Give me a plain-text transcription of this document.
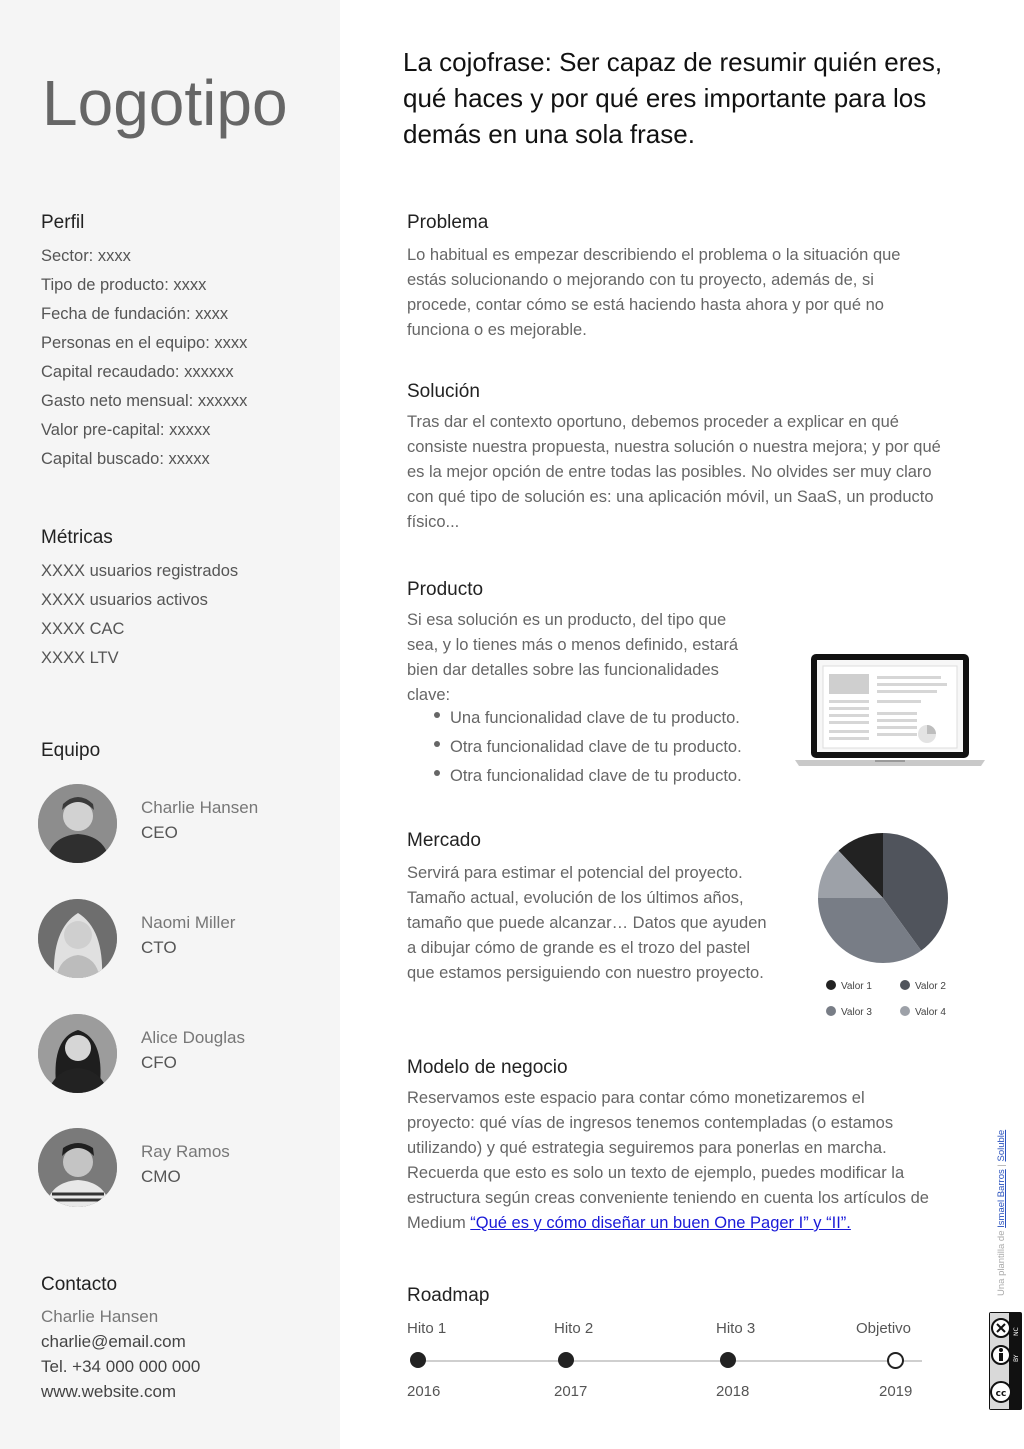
Logotipo
Perfil
Sector: xxxx
Tipo de producto: xxxx
Fecha de fundación: xxxx
Personas en el equipo: xxxx
Capital recaudado: xxxxxx
Gasto neto mensual: xxxxxx
Valor pre-capital: xxxxx
Capital buscado: xxxxx
Métricas
XXXX usuarios registrados
XXXX usuarios activos
XXXX CAC
XXXX LTV
Equipo
Charlie Hansen
CEO
Naomi Miller
CTO
Alice Douglas
CFO
Ray Ramos
CMO
Contacto
Charlie Hansen
charlie@email.com
Tel. +34 000 000 000
www.website.com
La cojofrase: Ser capaz de resumir quién eres, qué haces y por qué eres importante para los demás en una sola frase.
Problema

Lo habitual es empezar describiendo el problema o la situación que estás solucionando o mejorando con tu proyecto, además de, si procede, contar cómo se está haciendo hasta ahora y por qué no funciona o es mejorable.

Solución

Tras dar el contexto oportuno, debemos proceder a explicar en qué consiste nuestra propuesta, nuestra solución o nuestra mejora; y por qué es la mejor opción de entre todas las posibles. No olvides ser muy claro con qué tipo de solución es: una aplicación móvil, un SaaS, un producto físico...

Producto

Si esa solución es un producto, del tipo que sea, y lo tienes más o menos definido, estará bien dar detalles sobre las funcionalidades clave:

Una funcionalidad clave de tu producto.
Otra funcionalidad clave de tu producto.
Otra funcionalidad clave de tu producto.
Mercado

Servirá para estimar el potencial del proyecto. Tamaño actual, evolución de los últimos años, tamaño que puede alcanzar… Datos que ayuden a dibujar cómo de grande es el trozo del pastel que estamos persiguiendo con nuestro proyecto.

Valor 1	Valor 2
Valor 3	Valor 4
Modelo de negocio

Reservamos este espacio para contar cómo monetizaremos el proyecto: qué vías de ingresos tenemos contempladas (o estamos utilizando) y qué estrategia seguiremos para ponerlas en marcha. Recuerda que esto es solo un texto de ejemplo, puedes modificar la estructura según creas conveniente teniendo en cuenta los artículos de Medium “Qué es y cómo diseñar un buen One Pager I” y “II”.

Roadmap
Hito 1
2016
Hito 2
2017
Hito 3
2018
Objetivo
2019
Una plantilla de Ismael Barros | Soluble
cc
BY
NC
